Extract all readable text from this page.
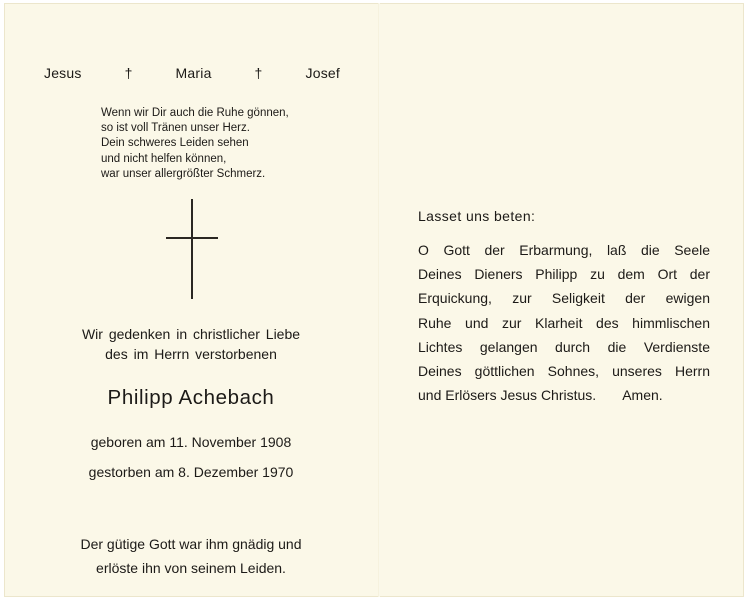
Jesus	†	Maria	†	Josef
Wenn wir Dir auch die Ruhe gönnen,
so ist voll Tränen unser Herz.
Dein schweres Leiden sehen
und nicht helfen können,
war unser allergrößter Schmerz.
Wir gedenken in christlicher Liebe
des im Herrn verstorbenen
Philipp Achebach
geboren am 11. November 1908
gestorben am 8. Dezember 1970
Der gütige Gott war ihm gnädig und
erlöste ihn von seinem Leiden.
Lasset uns beten:
O Gott der Erbarmung, laß die Seele
Deines Dieners Philipp zu dem Ort der
Erquickung, zur Seligkeit der ewigen
Ruhe und zur Klarheit des himmlischen
Lichtes gelangen durch die Verdienste
Deines göttlichen Sohnes, unseres Herrn
und Erlösers Jesus Christus. Amen.
